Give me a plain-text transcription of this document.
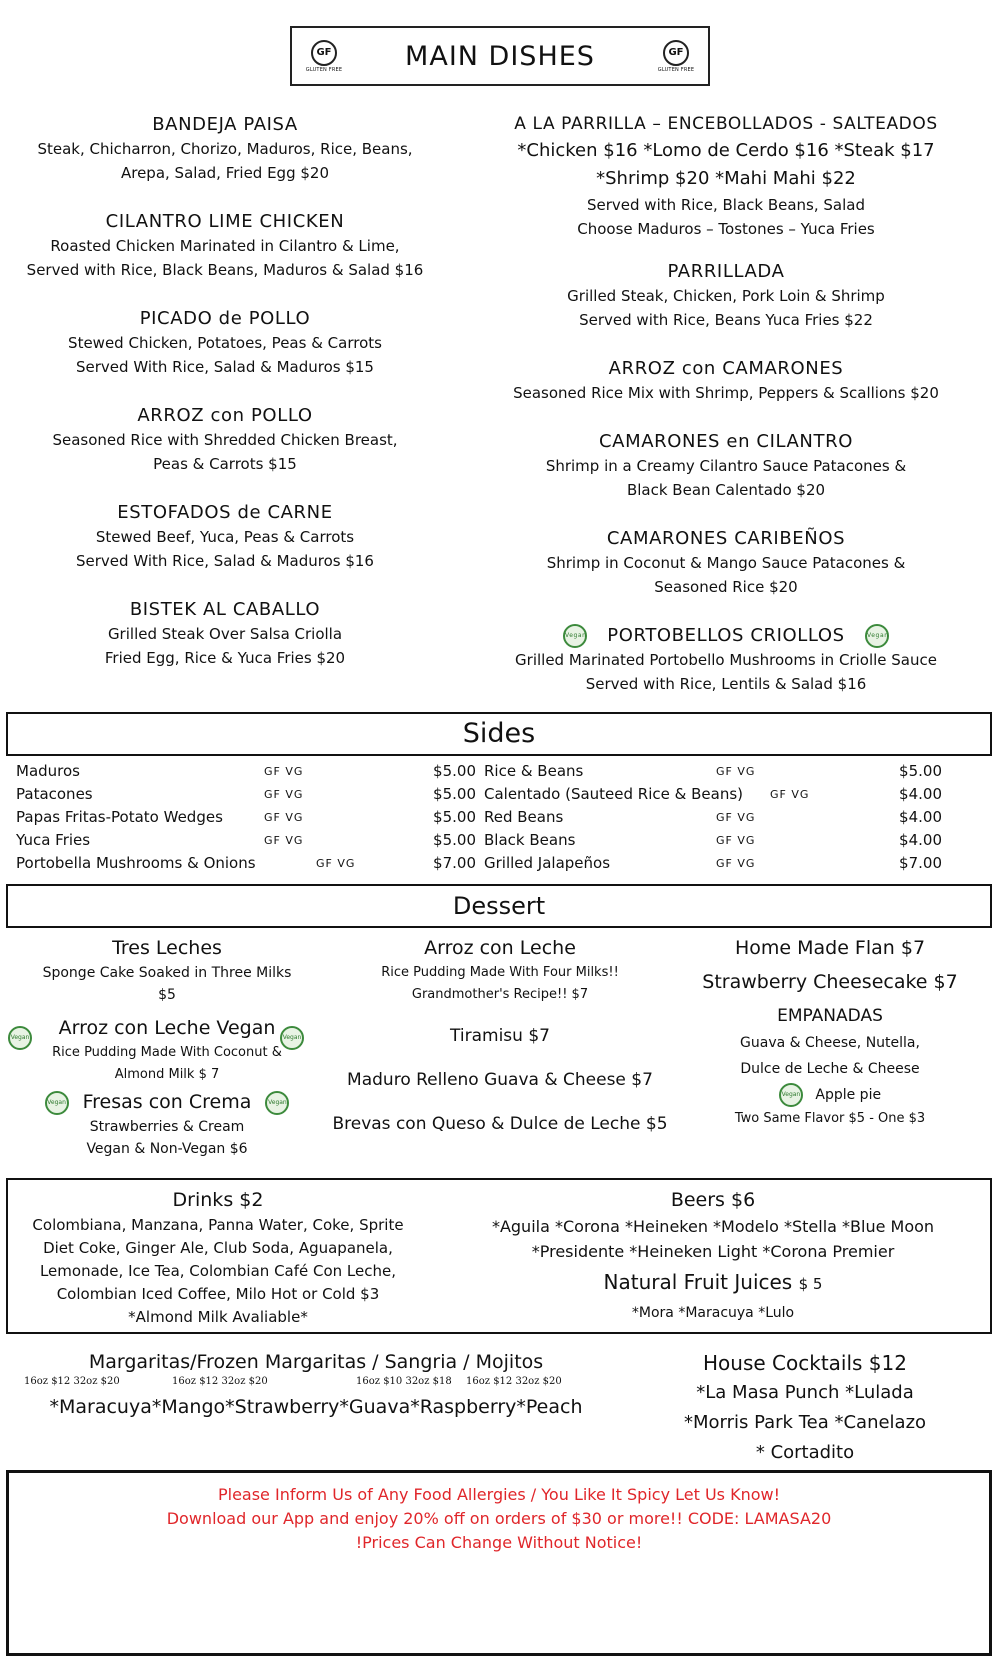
GF
GLUTEN FREE MAIN DISHES	GF
GLUTEN FREE
BANDEJA PAISA
Steak, Chicharron, Chorizo, Maduros, Rice, Beans,
Arepa, Salad, Fried Egg $20
CILANTRO LIME CHICKEN
Roasted Chicken Marinated in Cilantro & Lime,
Served with Rice, Black Beans, Maduros & Salad $16
PICADO de POLLO
Stewed Chicken, Potatoes, Peas & Carrots
Served With Rice, Salad & Maduros $15
ARROZ con POLLO
Seasoned Rice with Shredded Chicken Breast,
Peas & Carrots $15
ESTOFADOS de CARNE
Stewed Beef, Yuca, Peas & Carrots
Served With Rice, Salad & Maduros $16
BISTEK AL CABALLO
Grilled Steak Over Salsa Criolla
Fried Egg, Rice & Yuca Fries $20
A LA PARRILLA – ENCEBOLLADOS - SALTEADOS
*Chicken $16 *Lomo de Cerdo $16 *Steak $17
*Shrimp $20 *Mahi Mahi $22
Served with Rice, Black Beans, Salad
Choose Maduros – Tostones – Yuca Fries
PARRILLADA
Grilled Steak, Chicken, Pork Loin & Shrimp
Served with Rice, Beans Yuca Fries $22
ARROZ con CAMARONES
Seasoned Rice Mix with Shrimp, Peppers & Scallions $20
CAMARONES en CILANTRO
Shrimp in a Creamy Cilantro Sauce Patacones &
Black Bean Calentado $20
CAMARONES CARIBEÑOS
Shrimp in Coconut & Mango Sauce Patacones &
Seasoned Rice $20
Vegan PORTOBELLOS CRIOLLOS	Vegan
Grilled Marinated Portobello Mushrooms in Criolle Sauce
Served with Rice, Lentils & Salad $16
Sides
Maduros	GF VG	$5.00
Patacones	GF VG	$5.00
Papas Fritas-Potato Wedges	GF VG	$5.00
Yuca Fries	GF VG	$5.00
Portobella Mushrooms & Onions	GF VG	$7.00
Rice & Beans	GF VG	$5.00
Calentado (Sauteed Rice & Beans) GF VG	$4.00
Red Beans	GF VG	$4.00
Black Beans	GF VG	$4.00
Grilled Jalapeños	GF VG	$7.00
Dessert
Tres Leches
Sponge Cake Soaked in Three Milks
$5
Vegan Arroz con Leche Vegan	Vegan
Rice Pudding Made With Coconut &
Almond Milk $ 7
Vegan Fresas con Crema	Vegan
Strawberries & Cream
Vegan & Non-Vegan $6
Arroz con Leche
Rice Pudding Made With Four Milks!!
Grandmother's Recipe!! $7
Tiramisu $7
Maduro Relleno Guava & Cheese $7
Brevas con Queso & Dulce de Leche $5
Home Made Flan $7
Strawberry Cheesecake $7
EMPANADAS
Guava & Cheese, Nutella,
Dulce de Leche & Cheese
Vegan Apple pie
Two Same Flavor $5 - One $3
Drinks $2
Colombiana, Manzana, Panna Water, Coke, Sprite
Diet Coke, Ginger Ale, Club Soda, Aguapanela,
Lemonade, Ice Tea, Colombian Café Con Leche,
Colombian Iced Coffee, Milo Hot or Cold $3
*Almond Milk Avaliable*
Beers $6
*Aguila *Corona *Heineken *Modelo *Stella *Blue Moon
*Presidente *Heineken Light *Corona Premier
Natural Fruit Juices $ 5
*Mora *Maracuya *Lulo
Margaritas/Frozen Margaritas / Sangria / Mojitos
16oz $12 32oz $20	16oz $12 32oz $20	16oz $10 32oz $18 16oz $12 32oz $20
*Maracuya*Mango*Strawberry*Guava*Raspberry*Peach
House Cocktails $12
*La Masa Punch *Lulada
*Morris Park Tea *Canelazo
* Cortadito
Please Inform Us of Any Food Allergies / You Like It Spicy Let Us Know!
Download our App and enjoy 20% off on orders of $30 or more!! CODE: LAMASA20
!Prices Can Change Without Notice!
